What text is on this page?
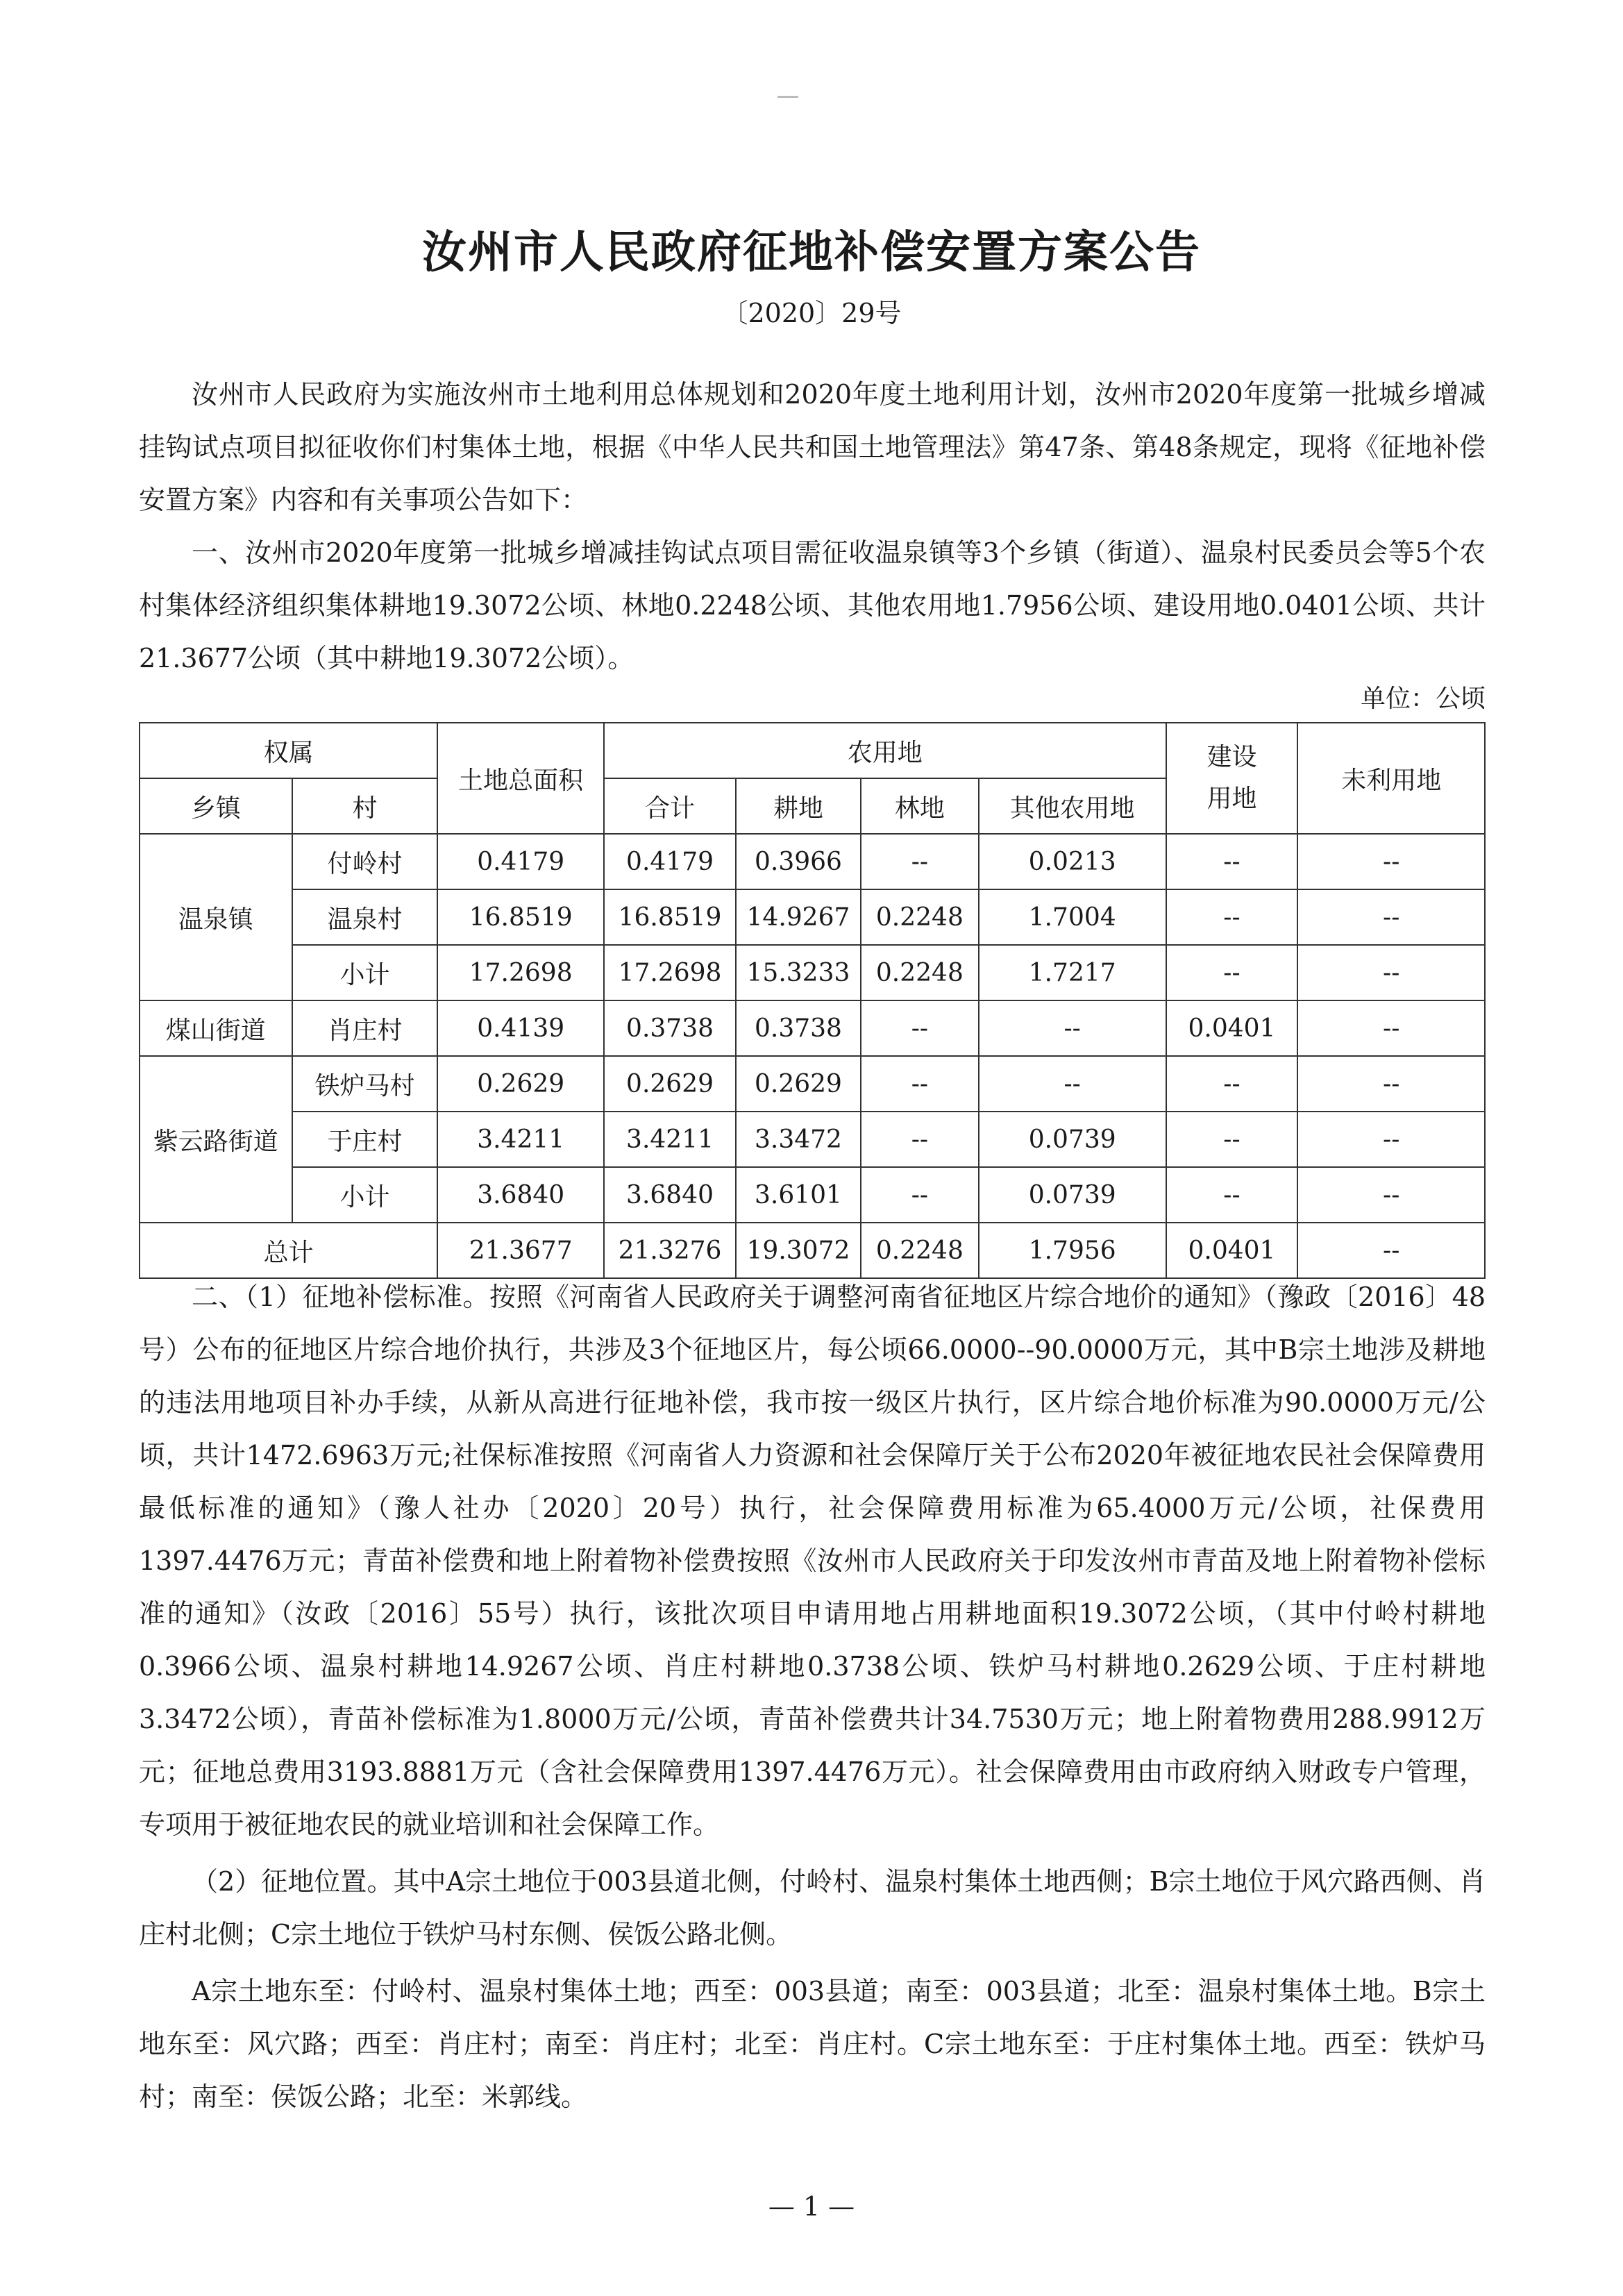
汝州市人民政府征地补偿安置方案公告
〔2020〕29号

汝州市人民政府为实施汝州市土地利用总体规划和2020年度土地利用计划，汝州市2020年度第一批城乡增减挂钩试点项目拟征收你们村集体土地，根据《中华人民共和国土地管理法》第47条、第48条规定，现将《征地补偿安置方案》内容和有关事项公告如下：

一、汝州市2020年度第一批城乡增减挂钩试点项目需征收温泉镇等3个乡镇（街道）、温泉村民委员会等5个农村集体经济组织集体耕地19.3072公顷、林地0.2248公顷、其他农用地1.7956公顷、建设用地0.0401公顷、共计21.3677公顷（其中耕地19.3072公顷）。

单位：公顷
权属		土地总面积	农用地				建设用地	未利用地
乡镇	村		合计	耕地	林地	其他农用地		
温泉镇	付岭村	0.4179	0.4179	0.3966	--	0.0213	--	--
	温泉村	16.8519	16.8519	14.9267	0.2248	1.7004	--	--
	小计	17.2698	17.2698	15.3233	0.2248	1.7217	--	--
煤山街道	肖庄村	0.4139	0.3738	0.3738	--	--	0.0401	--
紫云路街道	铁炉马村	0.2629	0.2629	0.2629	--	--	--	--
	于庄村	3.4211	3.4211	3.3472	--	0.0739	--	--
	小计	3.6840	3.6840	3.6101	--	0.0739	--	--
总计		21.3677	21.3276	19.3072	0.2248	1.7956	0.0401	--

二、（1）征地补偿标准。按照《河南省人民政府关于调整河南省征地区片综合地价的通知》（豫政〔2016〕48号）公布的征地区片综合地价执行，共涉及3个征地区片，每公顷66.0000--90.0000万元，其中B宗土地涉及耕地的违法用地项目补办手续，从新从高进行征地补偿，我市按一级区片执行，区片综合地价标准为90.0000万元/公顷，共计1472.6963万元;社保标准按照《河南省人力资源和社会保障厅关于公布2020年被征地农民社会保障费用最低标准的通知》（豫人社办〔2020〕20号）执行，社会保障费用标准为65.4000万元/公顷，社保费用1397.4476万元；青苗补偿费和地上附着物补偿费按照《汝州市人民政府关于印发汝州市青苗及地上附着物补偿标准的通知》（汝政〔2016〕55号）执行，该批次项目申请用地占用耕地面积19.3072公顷，（其中付岭村耕地0.3966公顷、温泉村耕地14.9267公顷、肖庄村耕地0.3738公顷、铁炉马村耕地0.2629公顷、于庄村耕地3.3472公顷），青苗补偿标准为1.8000万元/公顷，青苗补偿费共计34.7530万元；地上附着物费用288.9912万元；征地总费用3193.8881万元（含社会保障费用1397.4476万元）。社会保障费用由市政府纳入财政专户管理，专项用于被征地农民的就业培训和社会保障工作。

（2）征地位置。其中A宗土地位于003县道北侧，付岭村、温泉村集体土地西侧；B宗土地位于风穴路西侧、肖庄村北侧；C宗土地位于铁炉马村东侧、侯饭公路北侧。

A宗土地东至：付岭村、温泉村集体土地；西至：003县道；南至：003县道；北至：温泉村集体土地。B宗土地东至：风穴路；西至：肖庄村；南至：肖庄村；北至：肖庄村。C宗土地东至：于庄村集体土地。西至：铁炉马村；南至：侯饭公路；北至：米郭线。

— 1 —
